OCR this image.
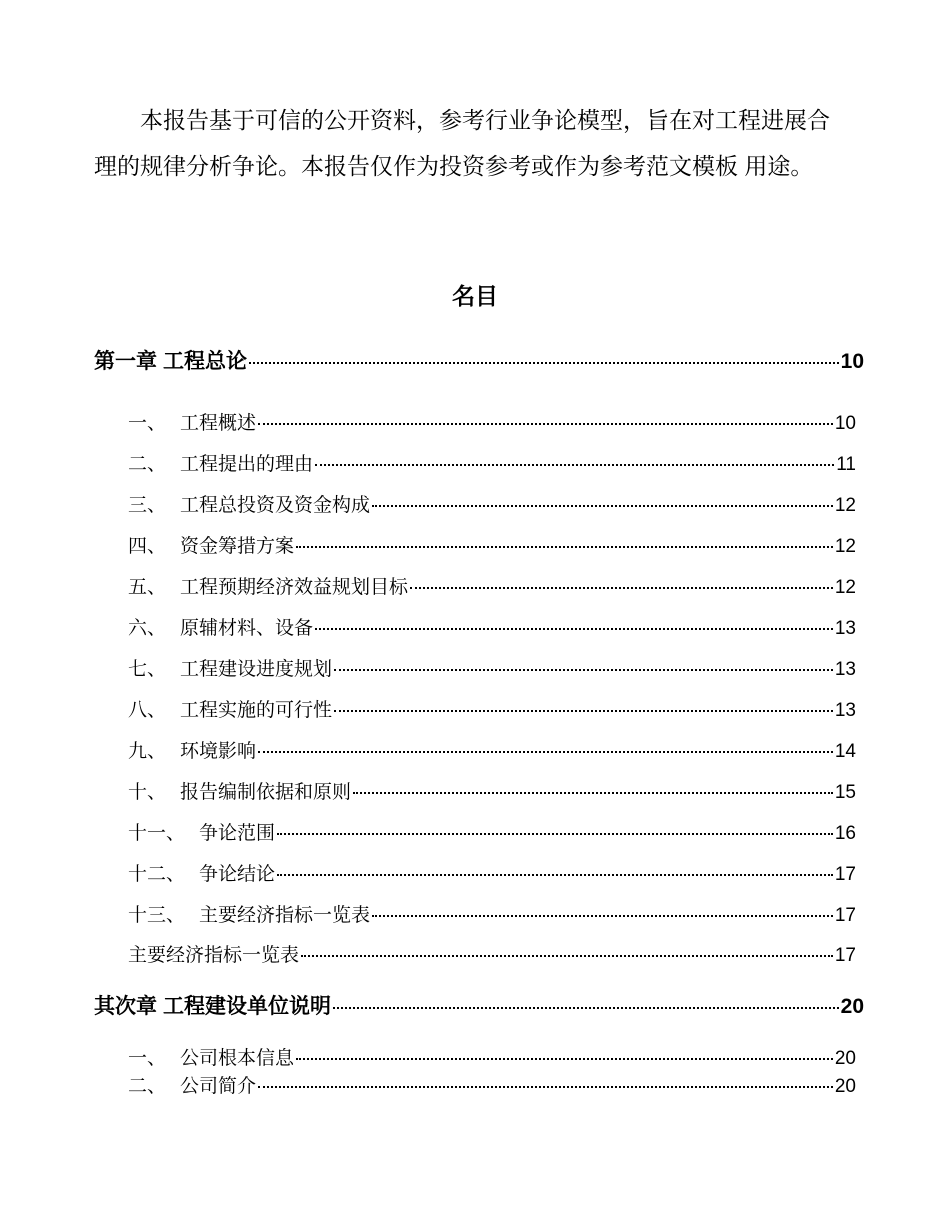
本报告基于可信的公开资料，参考行业争论模型，旨在对工程进展合理的规律分析争论。本报告仅作为投资参考或作为参考范文模板 用途。

名目
第一章 工程总论	10
一、 工程概述	10
二、 工程提出的理由	11
三、 工程总投资及资金构成	12
四、 资金筹措方案	12
五、 工程预期经济效益规划目标	12
六、 原辅材料、设备	13
七、 工程建设进度规划	13
八、 工程实施的可行性	13
九、 环境影响	14
十、 报告编制依据和原则	15
十一、 争论范围	16
十二、 争论结论	17
十三、 主要经济指标一览表	17
主要经济指标一览表	17
其次章 工程建设单位说明	20
一、 公司根本信息	20
二、 公司简介	20
